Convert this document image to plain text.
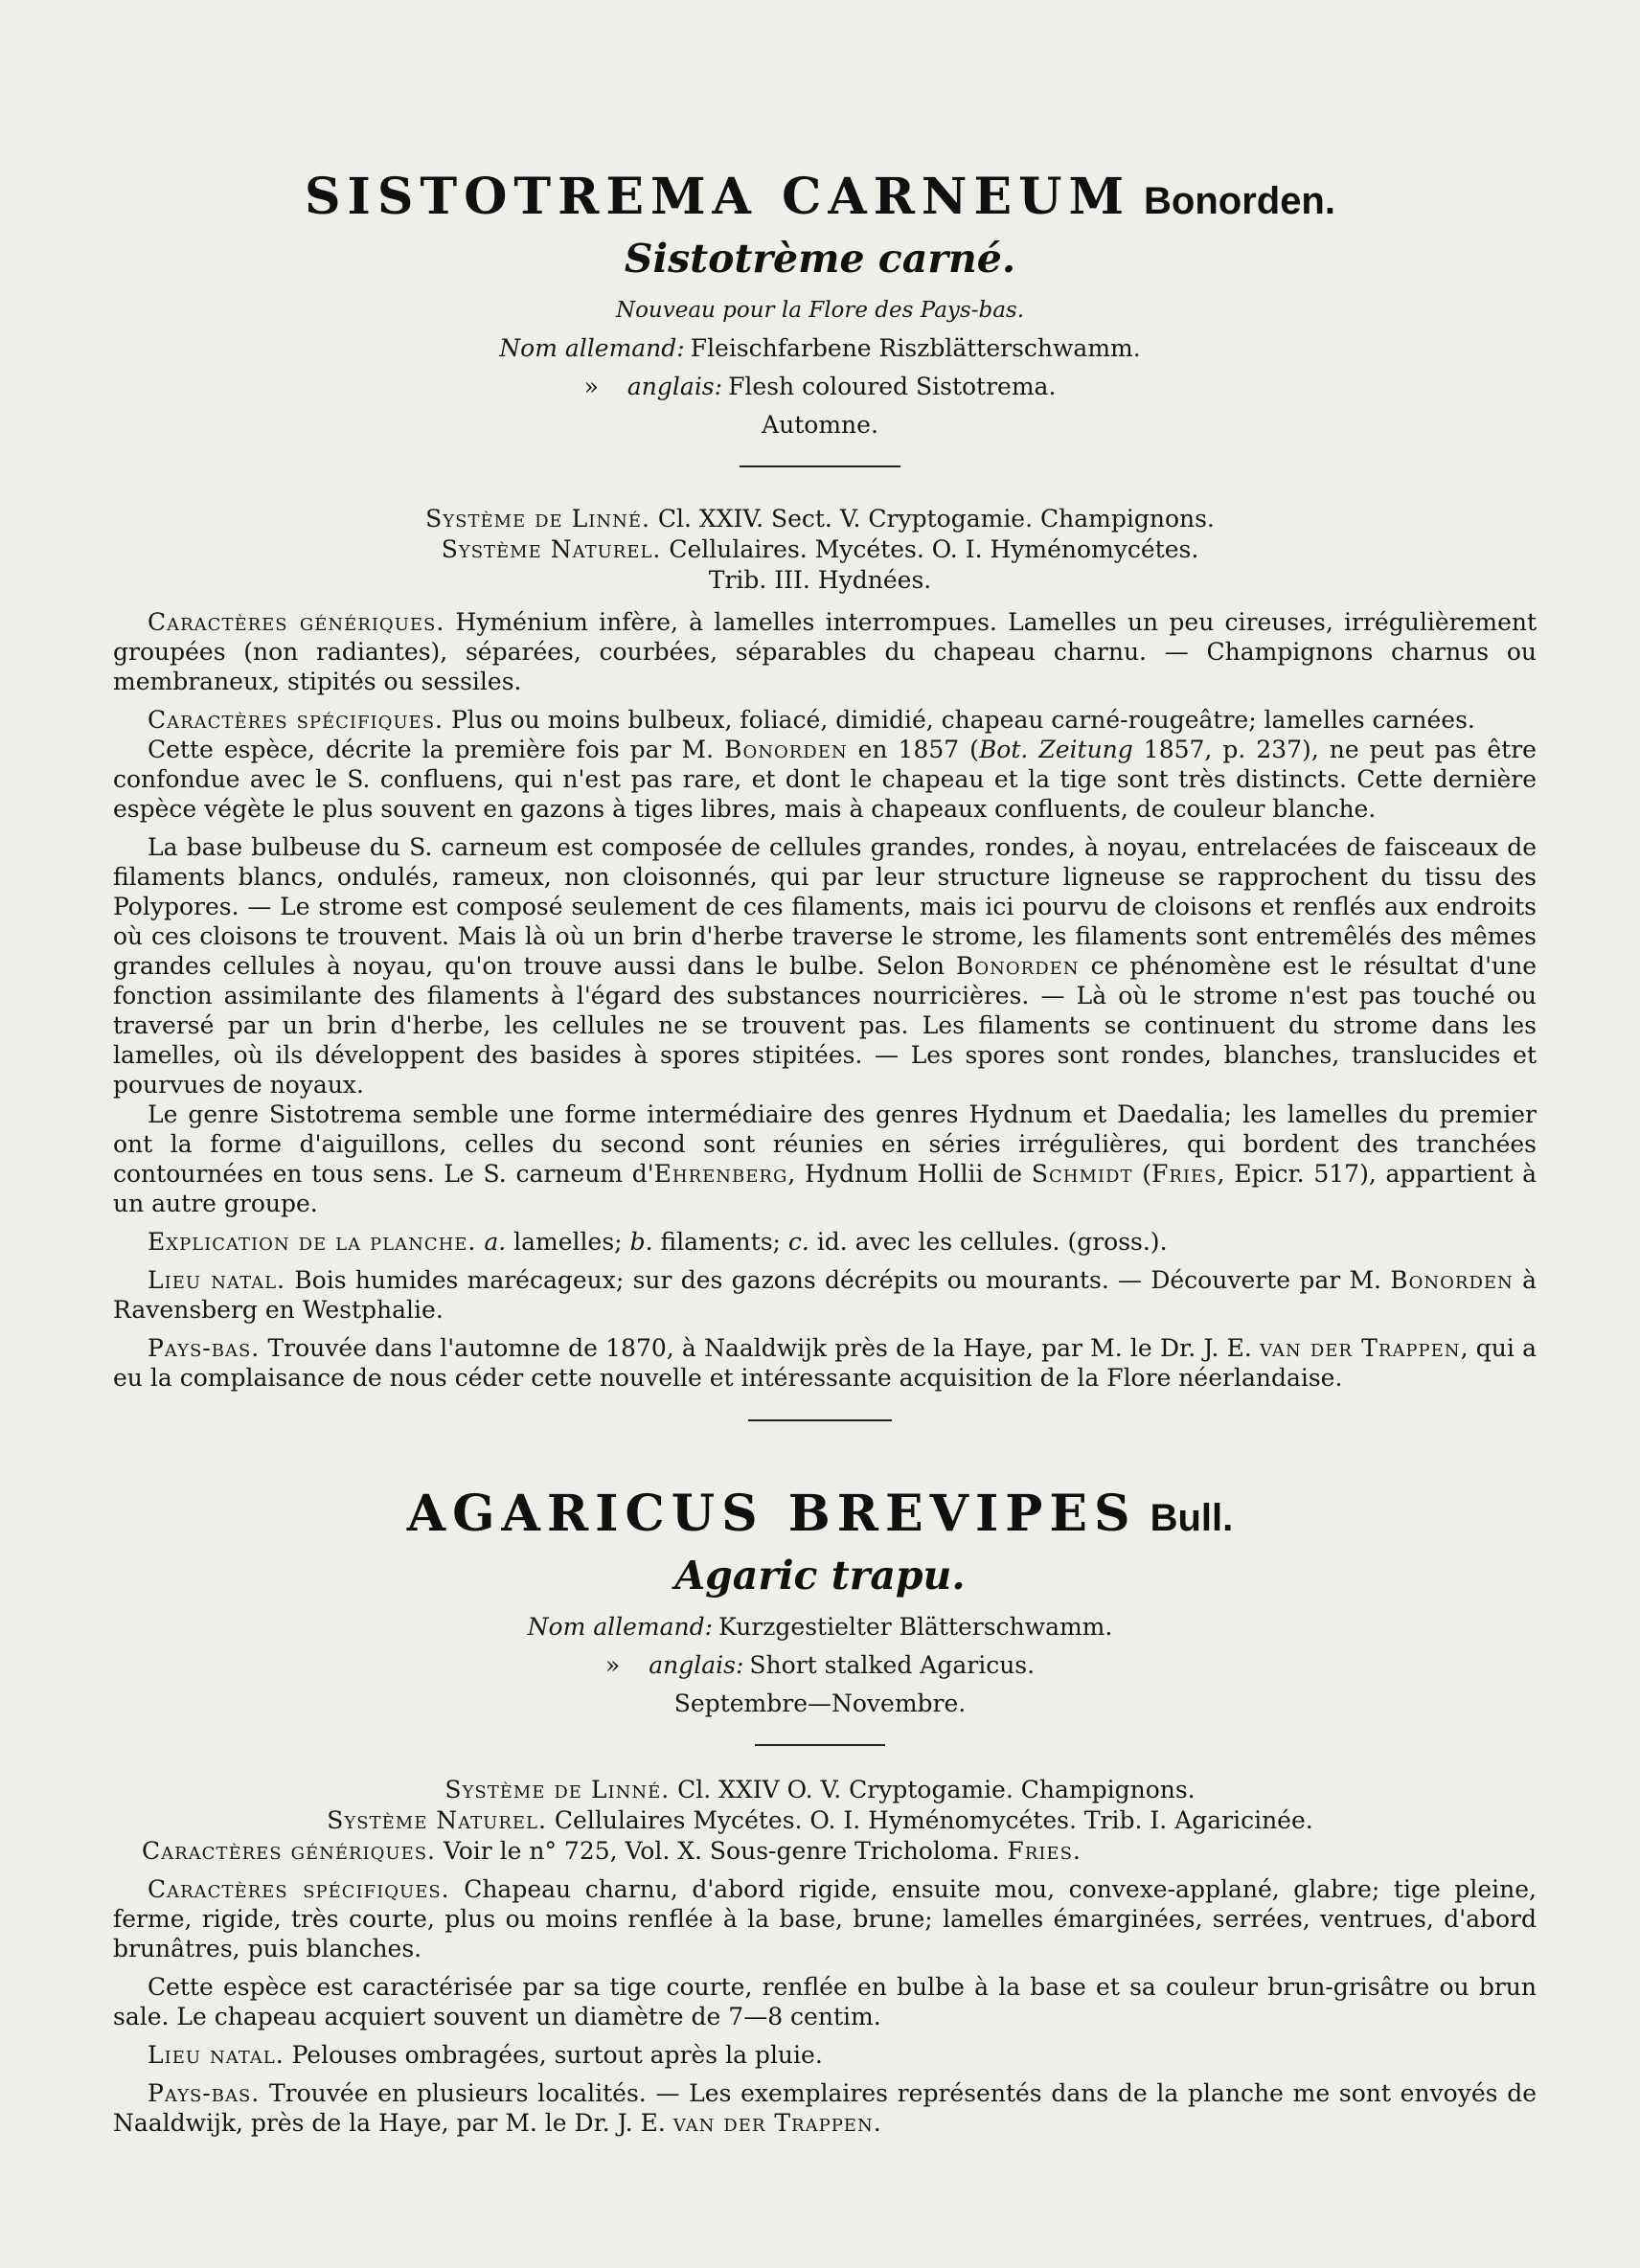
SISTOTREMA CARNEUM Bonorden.
Sistotrème carné.
Nouveau pour la Flore des Pays-bas.
Nom allemand: Fleischfarbene Riszblätterschwamm.
» anglais: Flesh coloured Sistotrema.
Automne.
Système de Linné. Cl. XXIV. Sect. V. Cryptogamie. Champignons.
Système Naturel. Cellulaires. Mycétes. O. I. Hyménomycétes.
Trib. III. Hydnées.

Caractères génériques. Hyménium infère, à lamelles interrompues. Lamelles un peu cireuses, irrégulièrement groupées (non radiantes), séparées, courbées, séparables du chapeau charnu. — Champignons charnus ou membraneux, stipités ou sessiles.

Caractères spécifiques. Plus ou moins bulbeux, foliacé, dimidié, chapeau carné-rougeâtre; lamelles carnées.

Cette espèce, décrite la première fois par M. Bonorden en 1857 (Bot. Zeitung 1857, p. 237), ne peut pas être confondue avec le S. confluens, qui n'est pas rare, et dont le chapeau et la tige sont très distincts. Cette dernière espèce végète le plus souvent en gazons à tiges libres, mais à chapeaux confluents, de couleur blanche.

La base bulbeuse du S. carneum est composée de cellules grandes, rondes, à noyau, entrelacées de faisceaux de filaments blancs, ondulés, rameux, non cloisonnés, qui par leur structure ligneuse se rapprochent du tissu des Polypores. — Le strome est composé seulement de ces filaments, mais ici pourvu de cloisons et renflés aux endroits où ces cloisons te trouvent. Mais là où un brin d'herbe traverse le strome, les filaments sont entremêlés des mêmes grandes cellules à noyau, qu'on trouve aussi dans le bulbe. Selon Bonorden ce phénomène est le résultat d'une fonction assimilante des filaments à l'égard des substances nourricières. — Là où le strome n'est pas touché ou traversé par un brin d'herbe, les cellules ne se trouvent pas. Les filaments se continuent du strome dans les lamelles, où ils développent des basides à spores stipitées. — Les spores sont rondes, blanches, translucides et pourvues de noyaux.

Le genre Sistotrema semble une forme intermédiaire des genres Hydnum et Daedalia; les lamelles du premier ont la forme d'aiguillons, celles du second sont réunies en séries irrégulières, qui bordent des tranchées contournées en tous sens. Le S. carneum d'Ehrenberg, Hydnum Hollii de Schmidt (Fries, Epicr. 517), appartient à un autre groupe.

Explication de la planche. a. lamelles; b. filaments; c. id. avec les cellules. (gross.).

Lieu natal. Bois humides marécageux; sur des gazons décrépits ou mourants. — Découverte par M. Bonorden à Ravensberg en Westphalie.

Pays-bas. Trouvée dans l'automne de 1870, à Naaldwijk près de la Haye, par M. le Dr. J. E. van der Trappen, qui a eu la complaisance de nous céder cette nouvelle et intéressante acquisition de la Flore néerlandaise.

AGARICUS BREVIPES Bull.
Agaric trapu.
Nom allemand: Kurzgestielter Blätterschwamm.
» anglais: Short stalked Agaricus.
Septembre—Novembre.
Système de Linné. Cl. XXIV O. V. Cryptogamie. Champignons.
Système Naturel. Cellulaires Mycétes. O. I. Hyménomycétes. Trib. I. Agaricinée.

Caractères génériques. Voir le n° 725, Vol. X. Sous-genre Tricholoma. Fries.

Caractères spécifiques. Chapeau charnu, d'abord rigide, ensuite mou, convexe-applané, glabre; tige pleine, ferme, rigide, très courte, plus ou moins renflée à la base, brune; lamelles émarginées, serrées, ventrues, d'abord brunâtres, puis blanches.

Cette espèce est caractérisée par sa tige courte, renflée en bulbe à la base et sa couleur brun-grisâtre ou brun sale. Le chapeau acquiert souvent un diamètre de 7—8 centim.

Lieu natal. Pelouses ombragées, surtout après la pluie.

Pays-bas. Trouvée en plusieurs localités. — Les exemplaires représentés dans de la planche me sont envoyés de Naaldwijk, près de la Haye, par M. le Dr. J. E. van der Trappen.
